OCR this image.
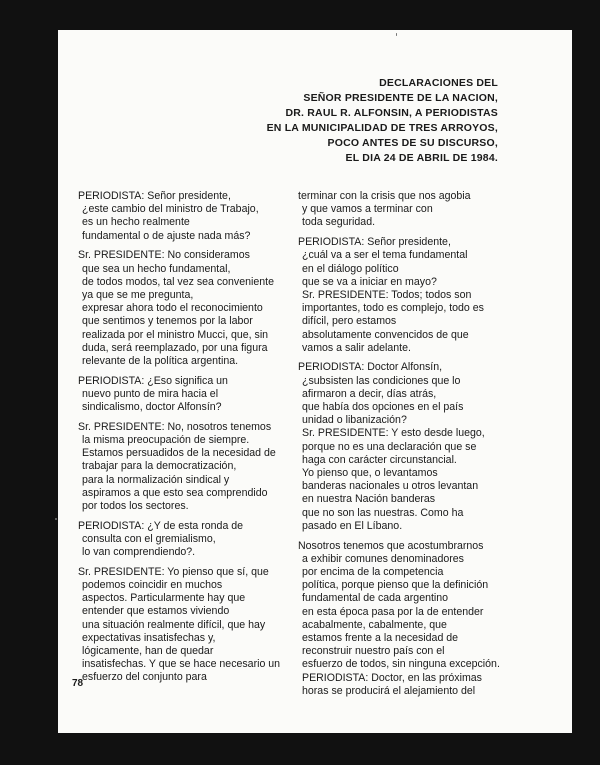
DECLARACIONES DEL
SEÑOR PRESIDENTE DE LA NACION,
DR. RAUL R. ALFONSIN, A PERIODISTAS
EN LA MUNICIPALIDAD DE TRES ARROYOS,
POCO ANTES DE SU DISCURSO,
EL DIA 24 DE ABRIL DE 1984.
PERIODISTA: Señor presidente,
¿este cambio del ministro de Trabajo,
es un hecho realmente
fundamental o de ajuste nada más?
Sr. PRESIDENTE: No consideramos
que sea un hecho fundamental,
de todos modos, tal vez sea conveniente
ya que se me pregunta,
expresar ahora todo el reconocimiento
que sentimos y tenemos por la labor
realizada por el ministro Mucci, que, sin
duda, será reemplazado, por una figura
relevante de la política argentina.
PERIODISTA: ¿Eso significa un
nuevo punto de mira hacia el
sindicalismo, doctor Alfonsín?
Sr. PRESIDENTE: No, nosotros tenemos
la misma preocupación de siempre.
Estamos persuadidos de la necesidad de
trabajar para la democratización,
para la normalización sindical y
aspiramos a que esto sea comprendido
por todos los sectores.
PERIODISTA: ¿Y de esta ronda de
consulta con el gremialismo,
lo van comprendiendo?.
Sr. PRESIDENTE: Yo pienso que sí, que
podemos coincidir en muchos
aspectos. Particularmente hay que
entender que estamos viviendo
una situación realmente difícil, que hay
expectativas insatisfechas y,
lógicamente, han de quedar
insatisfechas. Y que se hace necesario un
esfuerzo del conjunto para
terminar con la crisis que nos agobia
y que vamos a terminar con
toda seguridad.
PERIODISTA: Señor presidente,
¿cuál va a ser el tema fundamental
en el diálogo político
que se va a iniciar en mayo?
Sr. PRESIDENTE: Todos; todos son
importantes, todo es complejo, todo es
difícil, pero estamos
absolutamente convencidos de que
vamos a salir adelante.
PERIODISTA: Doctor Alfonsín,
¿subsisten las condiciones que lo
afirmaron a decir, días atrás,
que había dos opciones en el país
unidad o libanización?
Sr. PRESIDENTE: Y esto desde luego,
porque no es una declaración que se
haga con carácter circunstancial.
Yo pienso que, o levantamos
banderas nacionales u otros levantan
en nuestra Nación banderas
que no son las nuestras. Como ha
pasado en El Líbano.
Nosotros tenemos que acostumbrarnos
a exhibir comunes denominadores
por encima de la competencia
política, porque pienso que la definición
fundamental de cada argentino
en esta época pasa por la de entender
acabalmente, cabalmente, que
estamos frente a la necesidad de
reconstruir nuestro país con el
esfuerzo de todos, sin ninguna excepción.
PERIODISTA: Doctor, en las próximas
horas se producirá el alejamiento del
78
